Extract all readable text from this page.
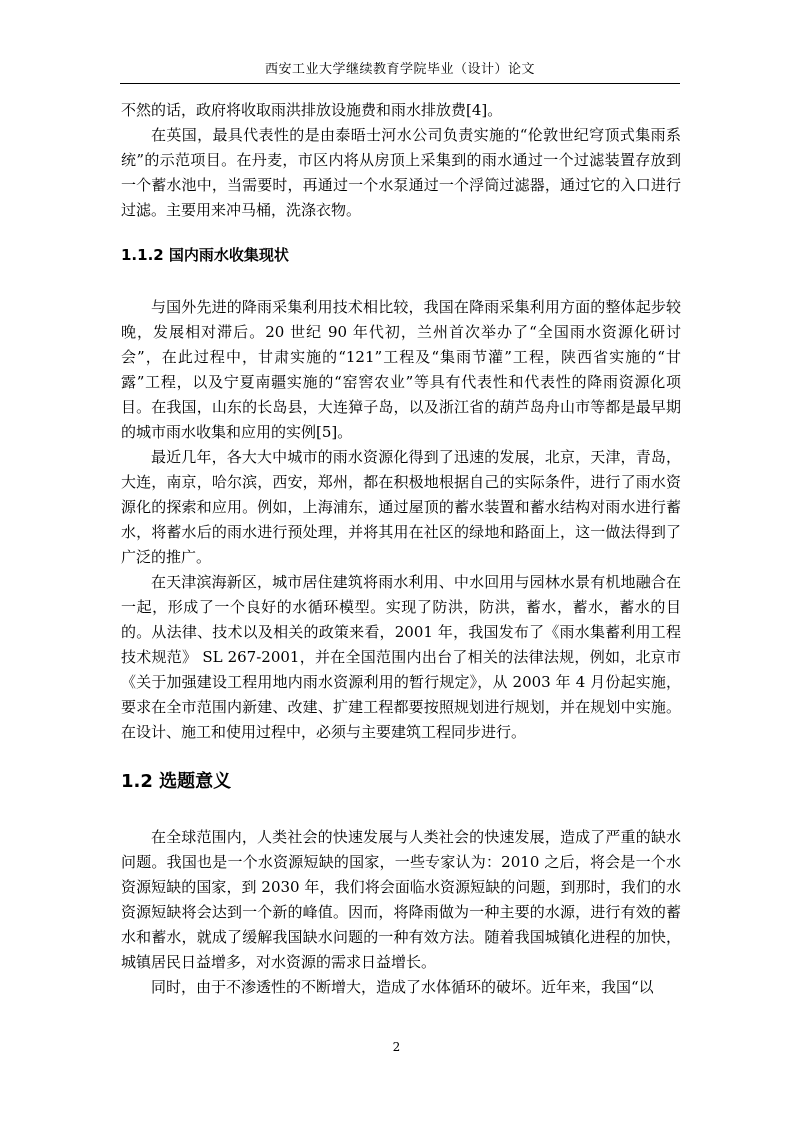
西安工业大学继续教育学院毕业（设计）论文

不然的话，政府将收取雨洪排放设施费和雨水排放费[4]。

在英国，最具代表性的是由泰晤士河水公司负责实施的“伦敦世纪穹顶式集雨系统”的示范项目。在丹麦，市区内将从房顶上采集到的雨水通过一个过滤装置存放到一个蓄水池中，当需要时，再通过一个水泵通过一个浮筒过滤器，通过它的入口进行过滤。主要用来冲马桶，洗涤衣物。

1.1.2 国内雨水收集现状

与国外先进的降雨采集利用技术相比较，我国在降雨采集利用方面的整体起步较晚，发展相对滞后。20 世纪 90 年代初，兰州首次举办了“全国雨水资源化研讨会”，在此过程中，甘肃实施的“121”工程及“集雨节灌”工程，陕西省实施的“甘露”工程，以及宁夏南疆实施的“窑窖农业”等具有代表性和代表性的降雨资源化项目。在我国，山东的长岛县，大连獐子岛，以及浙江省的葫芦岛舟山市等都是最早期的城市雨水收集和应用的实例[5]。

最近几年，各大大中城市的雨水资源化得到了迅速的发展，北京，天津，青岛，大连，南京，哈尔滨，西安，郑州，都在积极地根据自己的实际条件，进行了雨水资源化的探索和应用。例如，上海浦东，通过屋顶的蓄水装置和蓄水结构对雨水进行蓄水，将蓄水后的雨水进行预处理，并将其用在社区的绿地和路面上，这一做法得到了广泛的推广。

在天津滨海新区，城市居住建筑将雨水利用、中水回用与园林水景有机地融合在一起，形成了一个良好的水循环模型。实现了防洪，防洪，蓄水，蓄水，蓄水的目的。从法律、技术以及相关的政策来看，2001 年，我国发布了《雨水集蓄利用工程技术规范》 SL 267-2001，并在全国范围内出台了相关的法律法规，例如，北京市《关于加强建设工程用地内雨水资源利用的暂行规定》，从 2003 年 4 月份起实施，要求在全市范围内新建、改建、扩建工程都要按照规划进行规划，并在规划中实施。在设计、施工和使用过程中，必须与主要建筑工程同步进行。

1.2 选题意义

在全球范围内，人类社会的快速发展与人类社会的快速发展，造成了严重的缺水问题。我国也是一个水资源短缺的国家，一些专家认为：2010 之后，将会是一个水资源短缺的国家，到 2030 年，我们将会面临水资源短缺的问题，到那时，我们的水资源短缺将会达到一个新的峰值。因而，将降雨做为一种主要的水源，进行有效的蓄水和蓄水，就成了缓解我国缺水问题的一种有效方法。随着我国城镇化进程的加快，城镇居民日益增多，对水资源的需求日益增长。

同时，由于不渗透性的不断增大，造成了水体循环的破坏。近年来，我国“以

2
